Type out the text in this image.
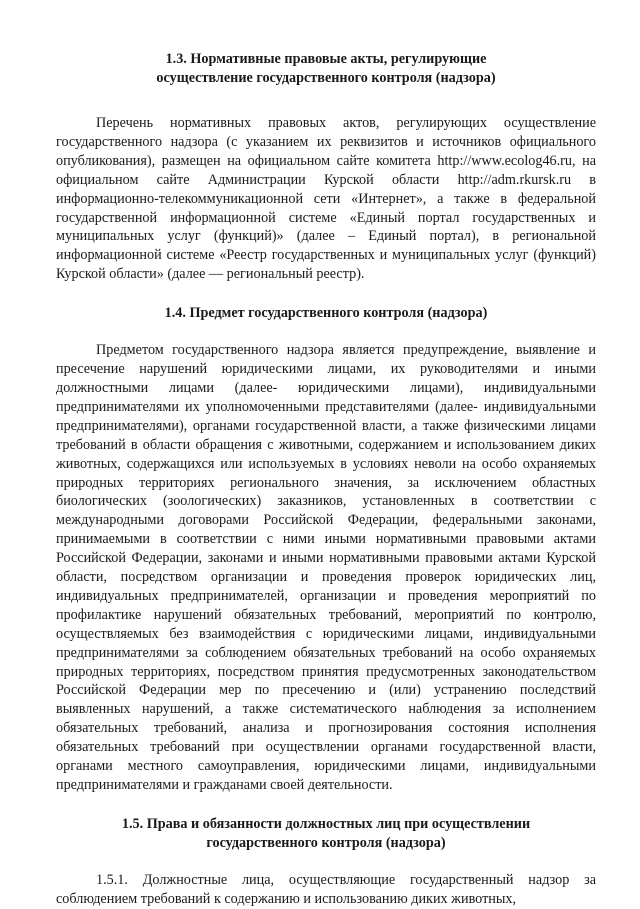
1.3. Нормативные правовые акты, регулирующие
осуществление государственного контроля (надзора)

Перечень нормативных правовых актов, регулирующих осуществление государственного надзора (с указанием их реквизитов и источников официального опубликования), размещен на официальном сайте комитета http://www.ecolog46.ru, на официальном сайте Администрации Курской области http://adm.rkursk.ru в информационно-телекоммуникационной сети «Интернет», а также в федеральной государственной информационной системе «Единый портал государственных и муниципальных услуг (функций)» (далее – Единый портал), в региональной информационной системе «Реестр государственных и муниципальных услуг (функций) Курской области» (далее — региональный реестр).

1.4. Предмет государственного контроля (надзора)

Предметом государственного надзора является предупреждение, выявление и пресечение нарушений юридическими лицами, их руководителями и иными должностными лицами (далее- юридическими лицами), индивидуальными предпринимателями их уполномоченными представителями (далее- индивидуальными предпринимателями), органами государственной власти, а также физическими лицами требований в области обращения с животными, содержанием и использованием диких животных, содержащихся или используемых в условиях неволи на особо охраняемых природных территориях регионального значения, за исключением областных биологических (зоологических) заказников, установленных в соответствии с международными договорами Российской Федерации, федеральными законами, принимаемыми в соответствии с ними иными нормативными правовыми актами Российской Федерации, законами и иными нормативными правовыми актами Курской области, посредством организации и проведения проверок юридических лиц, индивидуальных предпринимателей, организации и проведения мероприятий по профилактике нарушений обязательных требований, мероприятий по контролю, осуществляемых без взаимодействия с юридическими лицами, индивидуальными предпринимателями за соблюдением обязательных требований на особо охраняемых природных территориях, посредством принятия предусмотренных законодательством Российской Федерации мер по пресечению и (или) устранению последствий выявленных нарушений, а также систематического наблюдения за исполнением обязательных требований, анализа и прогнозирования состояния исполнения обязательных требований при осуществлении органами государственной власти, органами местного самоуправления, юридическими лицами, индивидуальными предпринимателями и гражданами своей деятельности.

1.5. Права и обязанности должностных лиц при осуществлении
государственного контроля (надзора)

1.5.1. Должностные лица, осуществляющие государственный надзор за соблюдением требований к содержанию и использованию диких животных,
